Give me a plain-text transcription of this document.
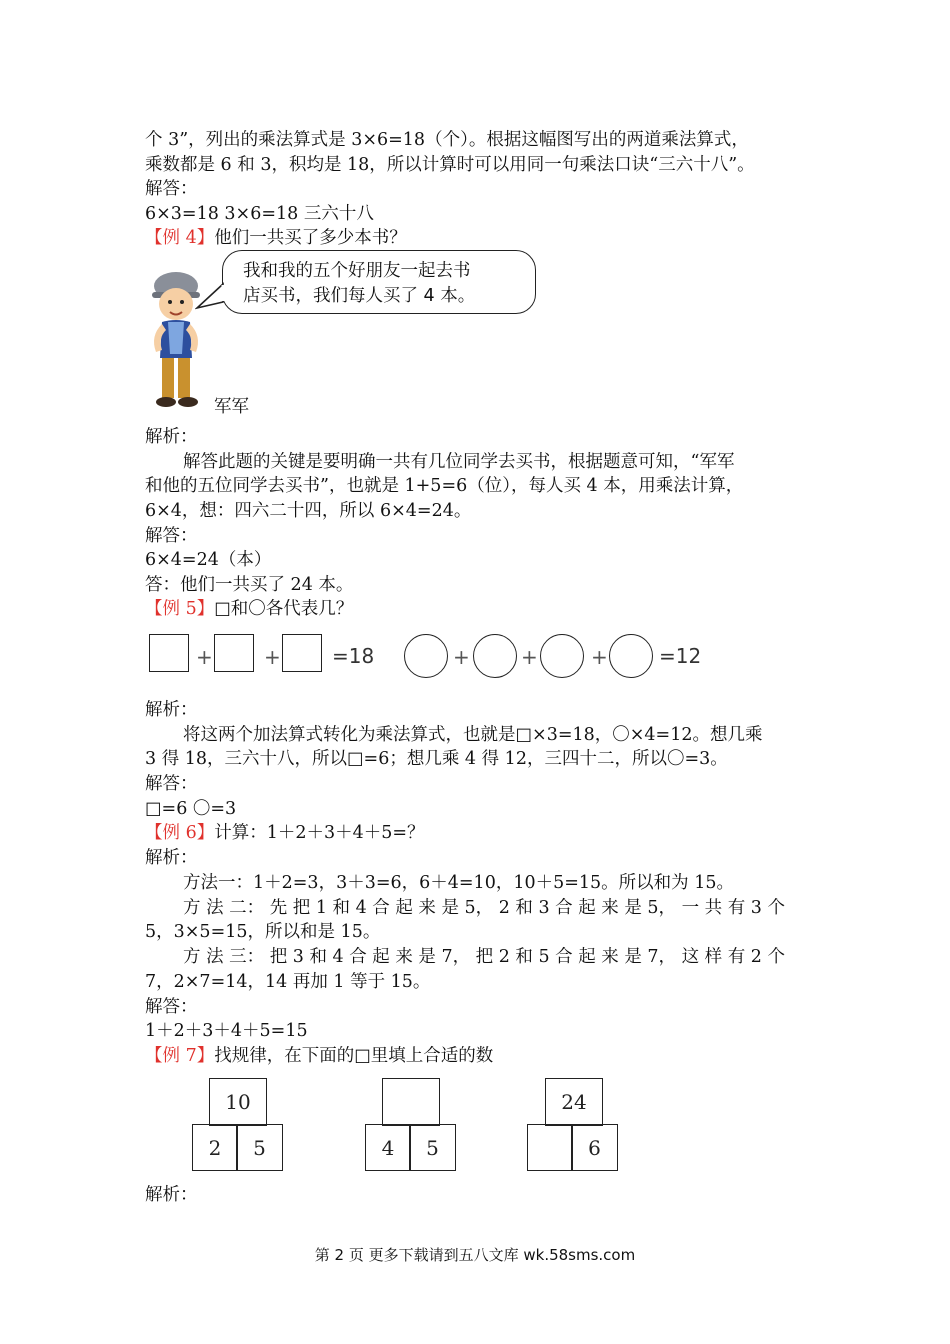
个 3”，列出的乘法算式是 3×6=18（个）。根据这幅图写出的两道乘法算式，
乘数都是 6 和 3，积均是 18，所以计算时可以用同一句乘法口诀“三六十八”。
解答：
6×3=18 3×6=18 三六十八
【例 4】他们一共买了多少本书？
我和我的五个好朋友一起去书
店买书，我们每人买了 4 本。
军军
解析：
解答此题的关键是要明确一共有几位同学去买书，根据题意可知，“军军
和他的五位同学去买书”，也就是 1+5=6（位），每人买 4 本，用乘法计算，
6×4，想：四六二十四，所以 6×4=24。
解答：
6×4=24（本）
答：他们一共买了 24 本。
【例 5】□和〇各代表几？
+	+	=18	+	+	+	=12
解析：
将这两个加法算式转化为乘法算式，也就是□×3=18，〇×4=12。想几乘
3 得 18，三六十八，所以□=6；想几乘 4 得 12，三四十二，所以〇=3。
解答：
□=6 〇=3
【例 6】计算：1＋2＋3＋4＋5=？
解析：
方法一：1＋2=3，3＋3=6，6＋4=10，10＋5=15。所以和为 15。
方 法 二： 先 把 1 和 4 合 起 来 是 5， 2 和 3 合 起 来 是 5， 一 共 有 3 个
5，3×5=15，所以和是 15。
方 法 三： 把 3 和 4 合 起 来 是 7， 把 2 和 5 合 起 来 是 7， 这 样 有 2 个
7，2×7=14，14 再加 1 等于 15。
解答：
1＋2＋3＋4＋5=15
【例 7】找规律，在下面的□里填上合适的数
10
2	5	4	5
24
6
解析：
第 2 页 更多下载请到五八文库 wk.58sms.com
